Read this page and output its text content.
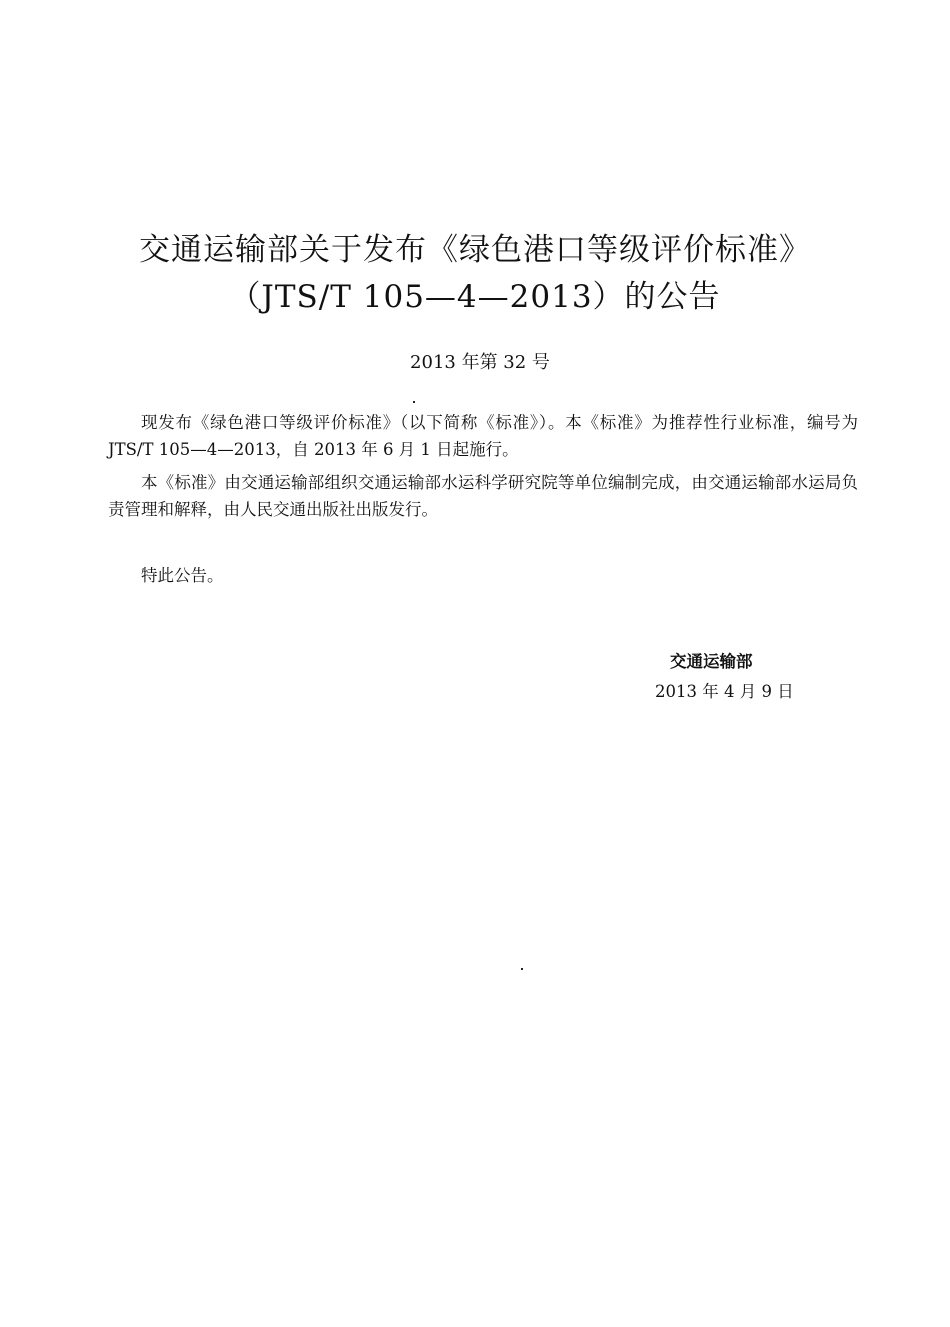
交通运输部关于发布《绿色港口等级评价标准》
（JTS/T 105—4—2013）的公告

2013 年第 32 号

现发布《绿色港口等级评价标准》（以下简称《标准》）。本《标准》为推荐性行业标准，编号为 JTS/T 105—4—2013，自 2013 年 6 月 1 日起施行。

本《标准》由交通运输部组织交通运输部水运科学研究院等单位编制完成，由交通运输部水运局负责管理和解释，由人民交通出版社出版发行。

特此公告。

交通运输部

2013 年 4 月 9 日
